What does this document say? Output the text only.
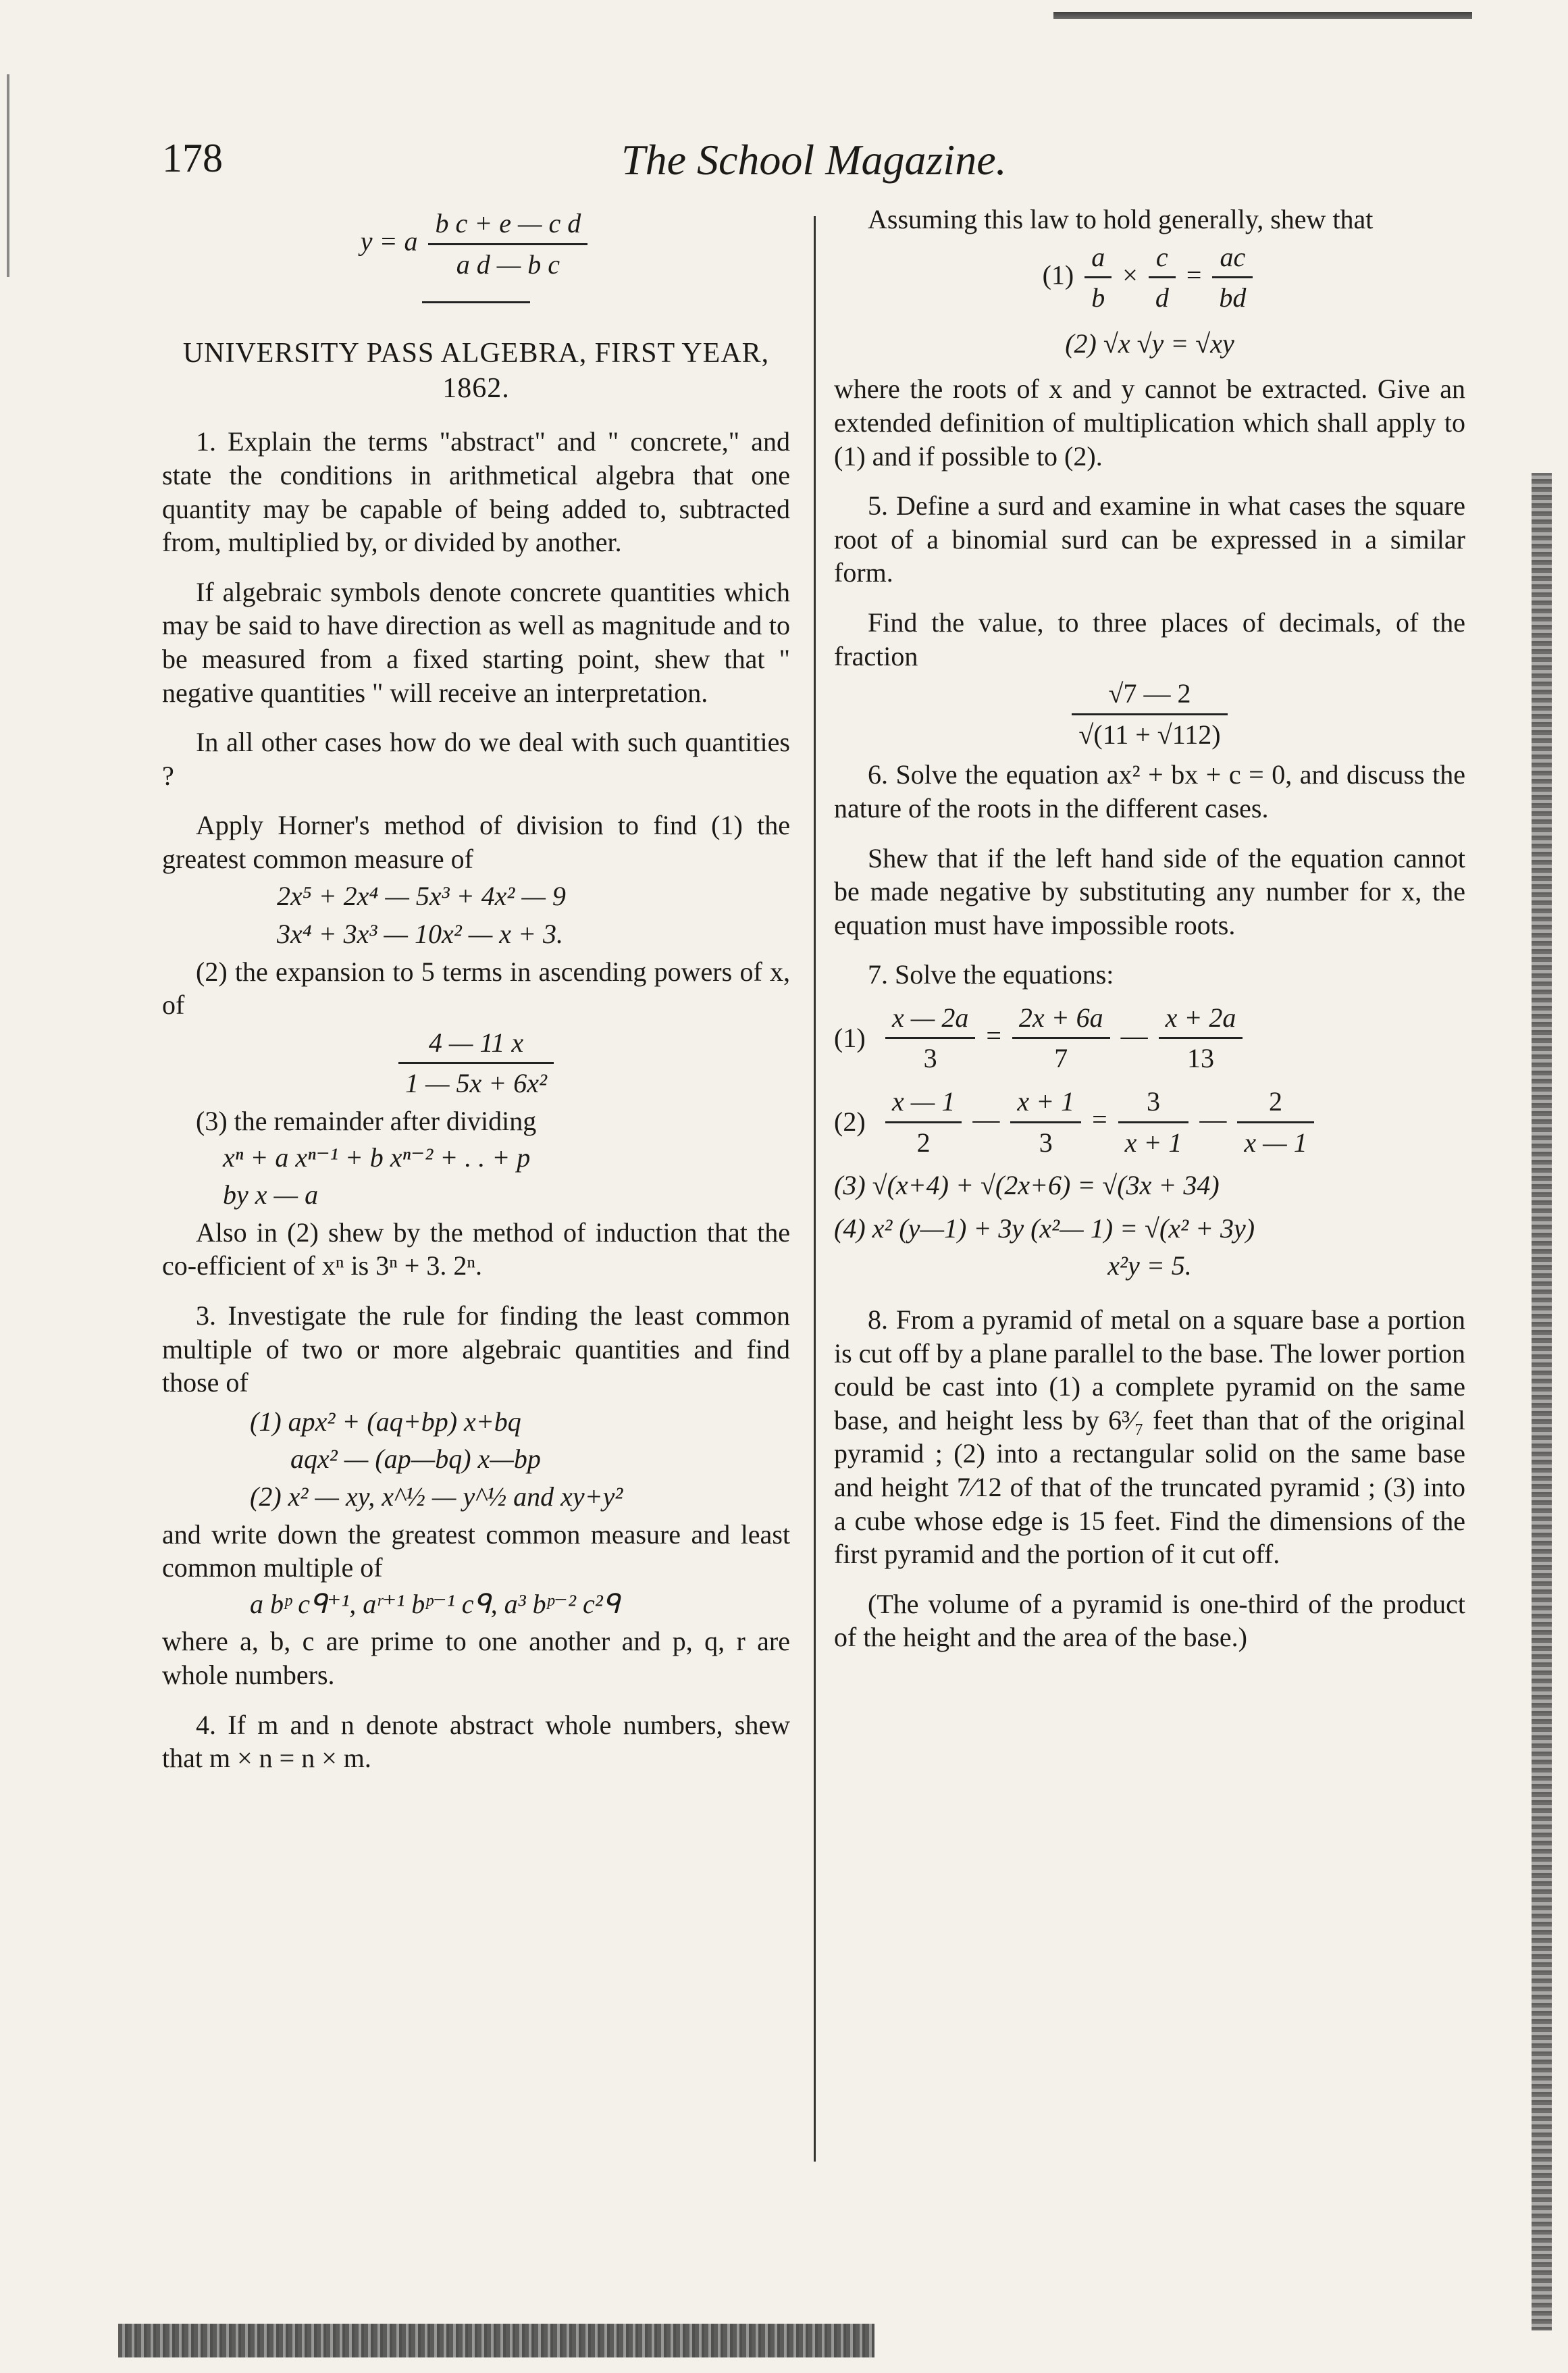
178	The School Magazine.
y = a $\frac{\text{b c + e — c d}}{\text{a d — b c}}$
UNIVERSITY PASS ALGEBRA, FIRST YEAR, 1862.

1. Explain the terms "abstract" and " concrete," and state the conditions in arithmetical algebra that one quantity may be capable of being added to, subtracted from, multiplied by, or divided by another.

If algebraic symbols denote concrete quantities which may be said to have direction as well as magnitude and to be measured from a fixed starting point, shew that " negative quantities " will receive an interpretation.

In all other cases how do we deal with such quantities ?

Apply Horner's method of division to find (1) the greatest common measure of

2x⁵ + 2x⁴ — 5x³ + 4x² — 9
3x⁴ + 3x³ — 10x² — x + 3.

(2) the expansion to 5 terms in ascending powers of x, of

$\frac{4 — 11 x}{\text{1 — 5x + 6x²}}$

(3) the remainder after dividing

xⁿ + a xⁿ⁻¹ + b xⁿ⁻² + . . + p
by x — a

Also in (2) shew by the method of induction that the co-efficient of xⁿ is 3ⁿ + 3. 2ⁿ.

3. Investigate the rule for finding the least common multiple of two or more algebraic quantities and find those of

(1) apx² + (aq+bp) x+bq
aqx² — (ap—bq) x—bp
(2) x² — xy, x^½ — y^½ and xy+y²

and write down the greatest common measure and least common multiple of

a bᵖ cᑫ⁺¹, aʳ⁺¹ bᵖ⁻¹ cᑫ, a³ bᵖ⁻² c²ᑫ

where a, b, c are prime to one another and p, q, r are whole numbers.

4. If m and n denote abstract whole numbers, shew that m × n = n × m.

Assuming this law to hold generally, shew that

$(1) \frac{a}{b} \times \frac{c}{d} = \frac{ac}{bd}$
(2) √x √y = √xy

where the roots of x and y cannot be extracted. Give an extended definition of multiplication which shall apply to (1) and if possible to (2).

5. Define a surd and examine in what cases the square root of a binomial surd can be expressed in a similar form.

Find the value, to three places of decimals, of the fraction

$\frac{√7 — 2}{√(11 + √112)}$

6. Solve the equation ax² + bx + c = 0, and discuss the nature of the roots in the different cases.

Shew that if the left hand side of the equation cannot be made negative by substituting any number for x, the equation must have impossible roots.

7. Solve the equations:

$(1) \frac{x — 2a}{3} = \frac{2x + 6a}{7}$ — $\frac{x + 2a}{13}$
$(2) \frac{x — 1}{2}$ — $\frac{x + 1}{3} = \frac{3}{x + 1}$ — $\frac{2}{x — 1}$
(3) √(x+4) + √(2x+6) = √(3x + 34)
(4) x² (y—1) + 3y (x²— 1) = √(x² + 3y)
x²y = 5.

8. From a pyramid of metal on a square base a portion is cut off by a plane parallel to the base. The lower portion could be cast into (1) a complete pyramid on the same base, and height less by 6³⁄₇ feet than that of the original pyramid ; (2) into a rectangular solid on the same base and height 7⁄12 of that of the truncated pyramid ; (3) into a cube whose edge is 15 feet. Find the dimensions of the first pyramid and the portion of it cut off.

(The volume of a pyramid is one-third of the product of the height and the area of the base.)
